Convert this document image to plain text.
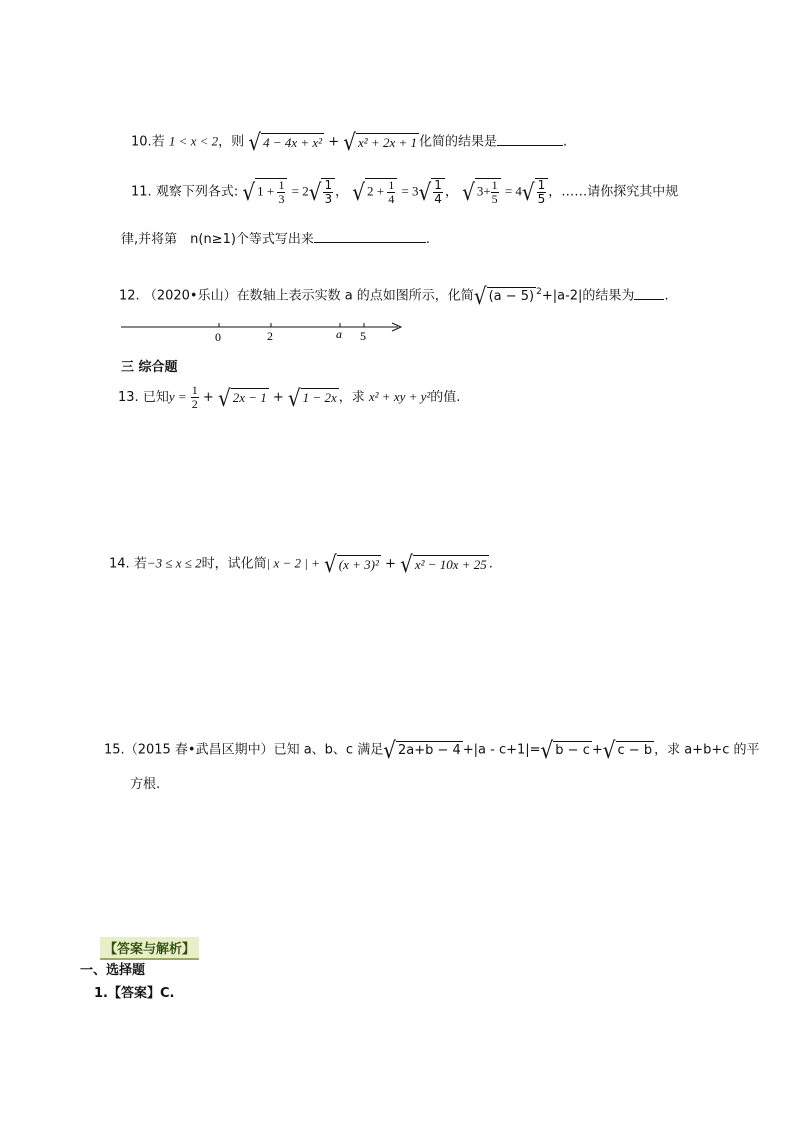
10.若 1 < x < 2，则 √ 4 − 4x + x² + √ x² + 2x + 1 化简的结果是	.
11. 观察下列各式: √ $1 + \frac{1}{3} = 2√ \frac{1}{3}$ ， √ $2 + \frac{1}{4} = 3√ \frac{1}{4}$ ， √ $3+ \frac{1}{5} = 4√ \frac{1}{5}$ ，……请你探究其中规
律,并将第　n(n≥1)个等式写出来	.
12. （2020•乐山）在数轴上表示实数 a 的点如图所示，化简√ (a − 5) $^2$+|a-2|的结果为 .
0	2	a 5
三 综合题
13. 已知$y = \frac{1}{2}$ + √ 2x − 1 + √ 1 − 2x ，求 x² + xy + y²的值.
14. 若−3 ≤ x ≤ 2时，试化简| x − 2 | + √ (x + 3)² + √ x² − 10x + 25 .
15.（2015 春•武昌区期中）已知 a、b、c 满足√ 2a+b − 4 +|a - c+1|=√ b − c +√ c − b ，求 a+b+c 的平
方根.
【答案与解析】
一、选择题
1.【答案】C.
